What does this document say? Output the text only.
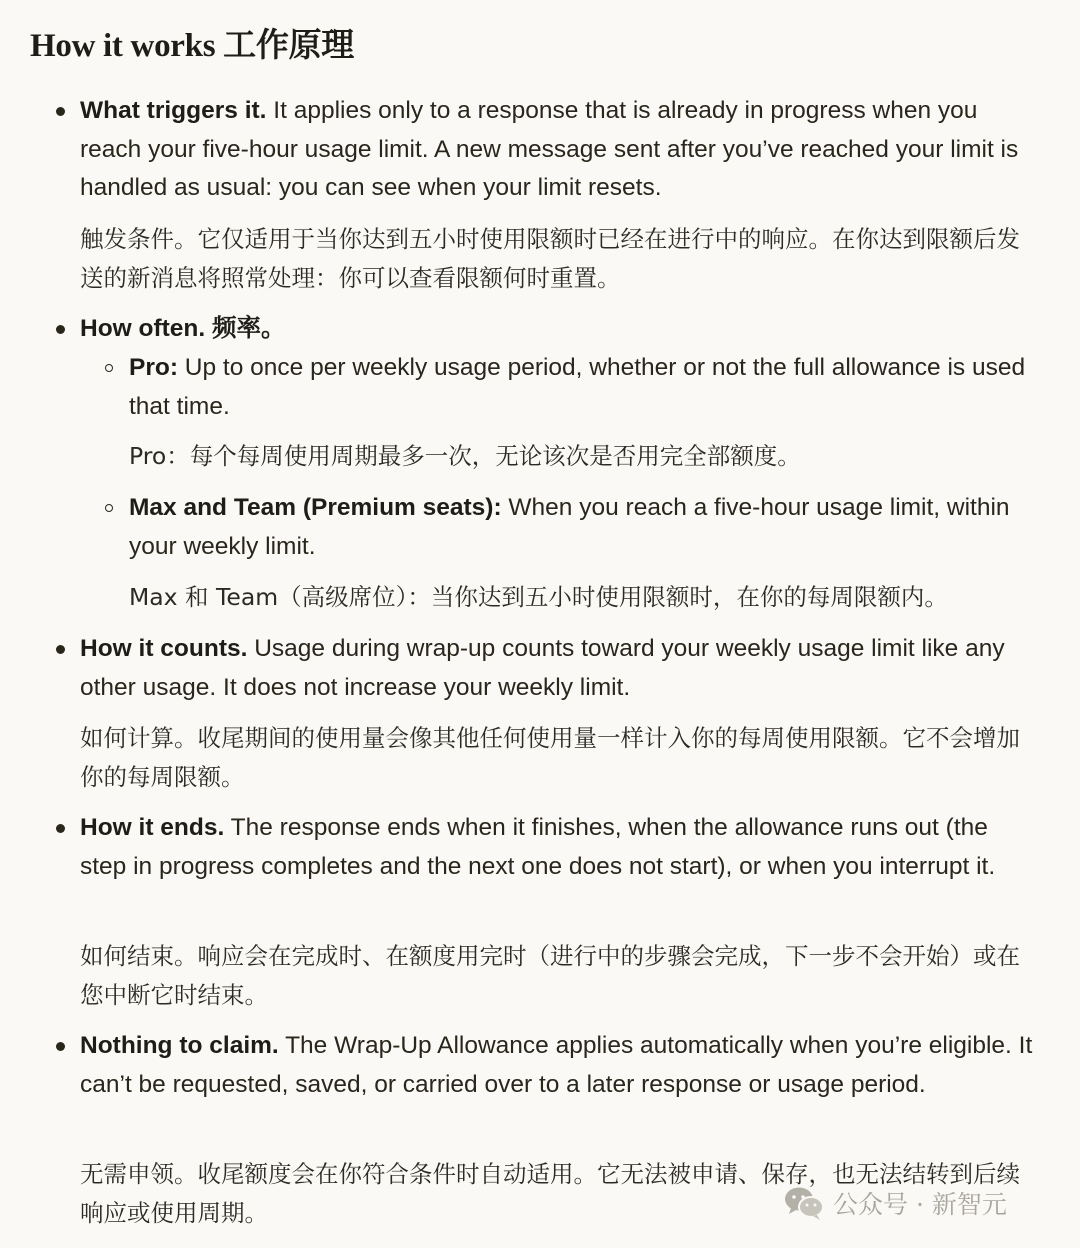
How it works 工作原理

What triggers it. It applies only to a response that is already in progress when you reach your five-hour usage limit. A new message sent after you’ve reached your limit is handled as usual: you can see when your limit resets.

触发条件。它仅适用于当你达到五小时使用限额时已经在进行中的响应。在你达到限额后发送的新消息将照常处理：你可以查看限额何时重置。

How often. 频率。

Pro: Up to once per weekly usage period, whether or not the full allowance is used that time.

Pro：每个每周使用周期最多一次，无论该次是否用完全部额度。

Max and Team (Premium seats): When you reach a five-hour usage limit, within your weekly limit.

Max 和 Team（高级席位）：当你达到五小时使用限额时，在你的每周限额内。

How it counts. Usage during wrap-up counts toward your weekly usage limit like any other usage. It does not increase your weekly limit.

如何计算。收尾期间的使用量会像其他任何使用量一样计入你的每周使用限额。它不会增加你的每周限额。

How it ends. The response ends when it finishes, when the allowance runs out (the step in progress completes and the next one does not start), or when you interrupt it.

如何结束。响应会在完成时、在额度用完时（进行中的步骤会完成，下一步不会开始）或在您中断它时结束。

Nothing to claim. The Wrap-Up Allowance applies automatically when you’re eligible. It can’t be requested, saved, or carried over to a later response or usage period.

无需申领。收尾额度会在你符合条件时自动适用。它无法被申请、保存，也无法结转到后续响应或使用周期。	公众号 · 新智元
